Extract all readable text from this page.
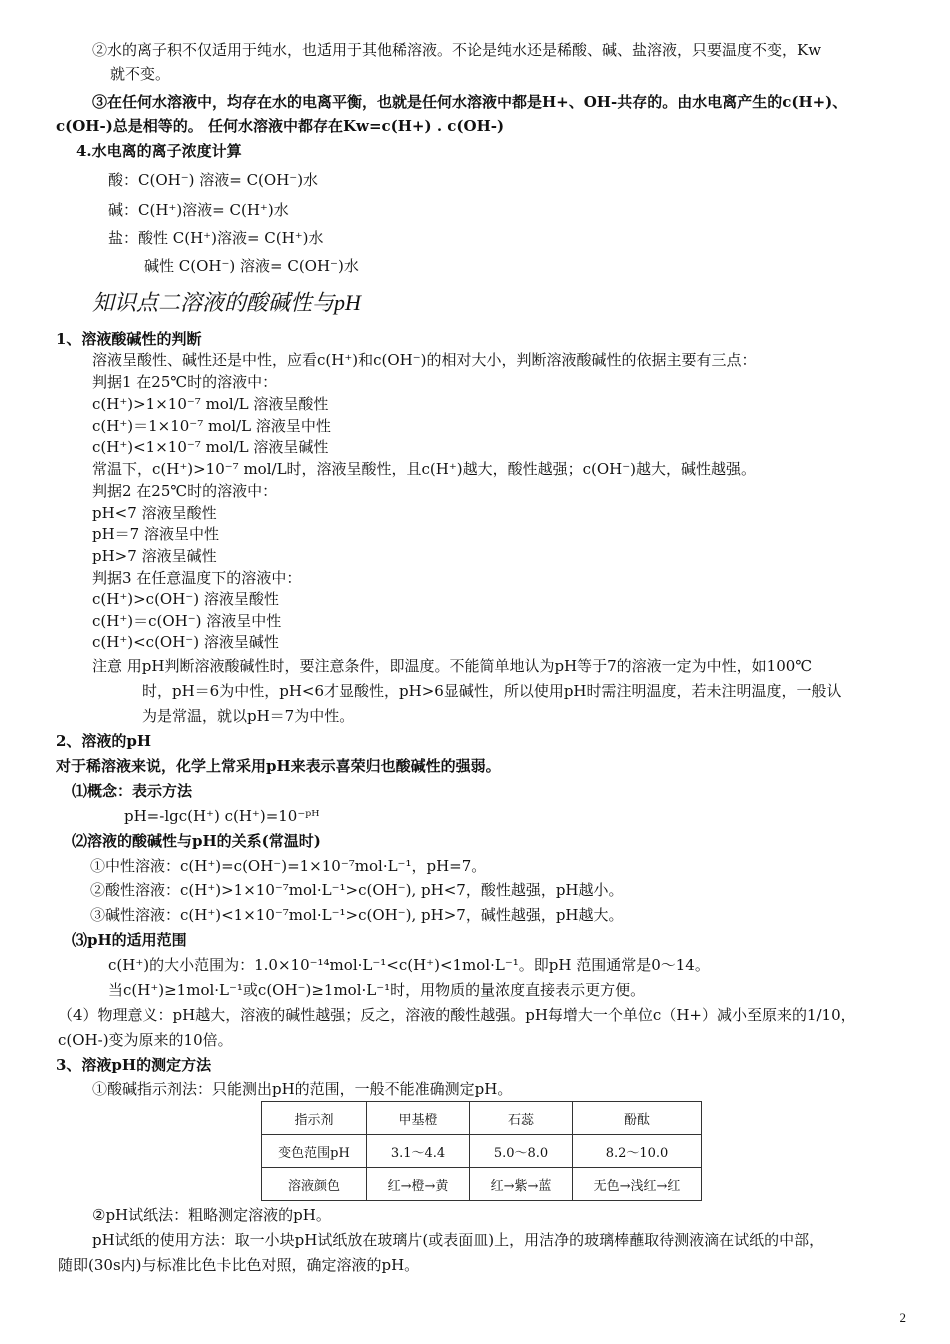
②水的离子积不仅适用于纯水，也适用于其他稀溶液。不论是纯水还是稀酸、碱、盐溶液，只要温度不变，Kw
就不变。
③在任何水溶液中，均存在水的电离平衡，也就是任何水溶液中都是H+、OH-共存的。由水电离产生的c(H+)、
c(OH-)总是相等的。 任何水溶液中都存在Kw=c(H+) . c(OH-)
4.水电离的离子浓度计算
酸：C(OH⁻) 溶液= C(OH⁻)水
碱：C(H⁺)溶液= C(H⁺)水
盐：酸性 C(H⁺)溶液= C(H⁺)水
碱性 C(OH⁻) 溶液= C(OH⁻)水
知识点二溶液的酸碱性与pH
1、溶液酸碱性的判断
溶液呈酸性、碱性还是中性，应看c(H⁺)和c(OH⁻)的相对大小，判断溶液酸碱性的依据主要有三点：
判据1 在25℃时的溶液中：
c(H⁺)>1×10⁻⁷ mol/L 溶液呈酸性
c(H⁺)＝1×10⁻⁷ mol/L 溶液呈中性
c(H⁺)<1×10⁻⁷ mol/L 溶液呈碱性
常温下，c(H⁺)>10⁻⁷ mol/L时，溶液呈酸性，且c(H⁺)越大，酸性越强；c(OH⁻)越大，碱性越强。
判据2 在25℃时的溶液中：
pH<7 溶液呈酸性
pH＝7 溶液呈中性
pH>7 溶液呈碱性
判据3 在任意温度下的溶液中：
c(H⁺)>c(OH⁻) 溶液呈酸性
c(H⁺)＝c(OH⁻) 溶液呈中性
c(H⁺)<c(OH⁻) 溶液呈碱性
注意 用pH判断溶液酸碱性时，要注意条件，即温度。不能简单地认为pH等于7的溶液一定为中性，如100℃
时，pH＝6为中性，pH<6才显酸性，pH>6显碱性，所以使用pH时需注明温度，若未注明温度，一般认
为是常温，就以pH＝7为中性。
2、溶液的pH
对于稀溶液来说，化学上常采用pH来表示喜荣归也酸碱性的强弱。
⑴概念：表示方法
pH=-lgc(H⁺) c(H⁺)=10⁻ᵖᴴ
⑵溶液的酸碱性与pH的关系(常温时)
①中性溶液：c(H⁺)=c(OH⁻)=1×10⁻⁷mol·L⁻¹，pH=7。
②酸性溶液：c(H⁺)>1×10⁻⁷mol·L⁻¹>c(OH⁻), pH<7，酸性越强，pH越小。
③碱性溶液：c(H⁺)<1×10⁻⁷mol·L⁻¹>c(OH⁻), pH>7，碱性越强，pH越大。
⑶pH的适用范围
c(H⁺)的大小范围为：1.0×10⁻¹⁴mol·L⁻¹<c(H⁺)<1mol·L⁻¹。即pH 范围通常是0～14。
当c(H⁺)≥1mol·L⁻¹或c(OH⁻)≥1mol·L⁻¹时，用物质的量浓度直接表示更方便。
（4）物理意义：pH越大，溶液的碱性越强；反之，溶液的酸性越强。pH每增大一个单位c（H+）减小至原来的1/10，
c(OH-)变为原来的10倍。
3、溶液pH的测定方法
①酸碱指示剂法：只能测出pH的范围，一般不能准确测定pH。
指示剂	甲基橙	石蕊	酚酞
变色范围pH	3.1～4.4	5.0～8.0	8.2～10.0
溶液颜色	红→橙→黄	红→紫→蓝	无色→浅红→红
②pH试纸法：粗略测定溶液的pH。
pH试纸的使用方法：取一小块pH试纸放在玻璃片(或表面皿)上，用洁净的玻璃棒蘸取待测液滴在试纸的中部，
随即(30s内)与标准比色卡比色对照，确定溶液的pH。
2
